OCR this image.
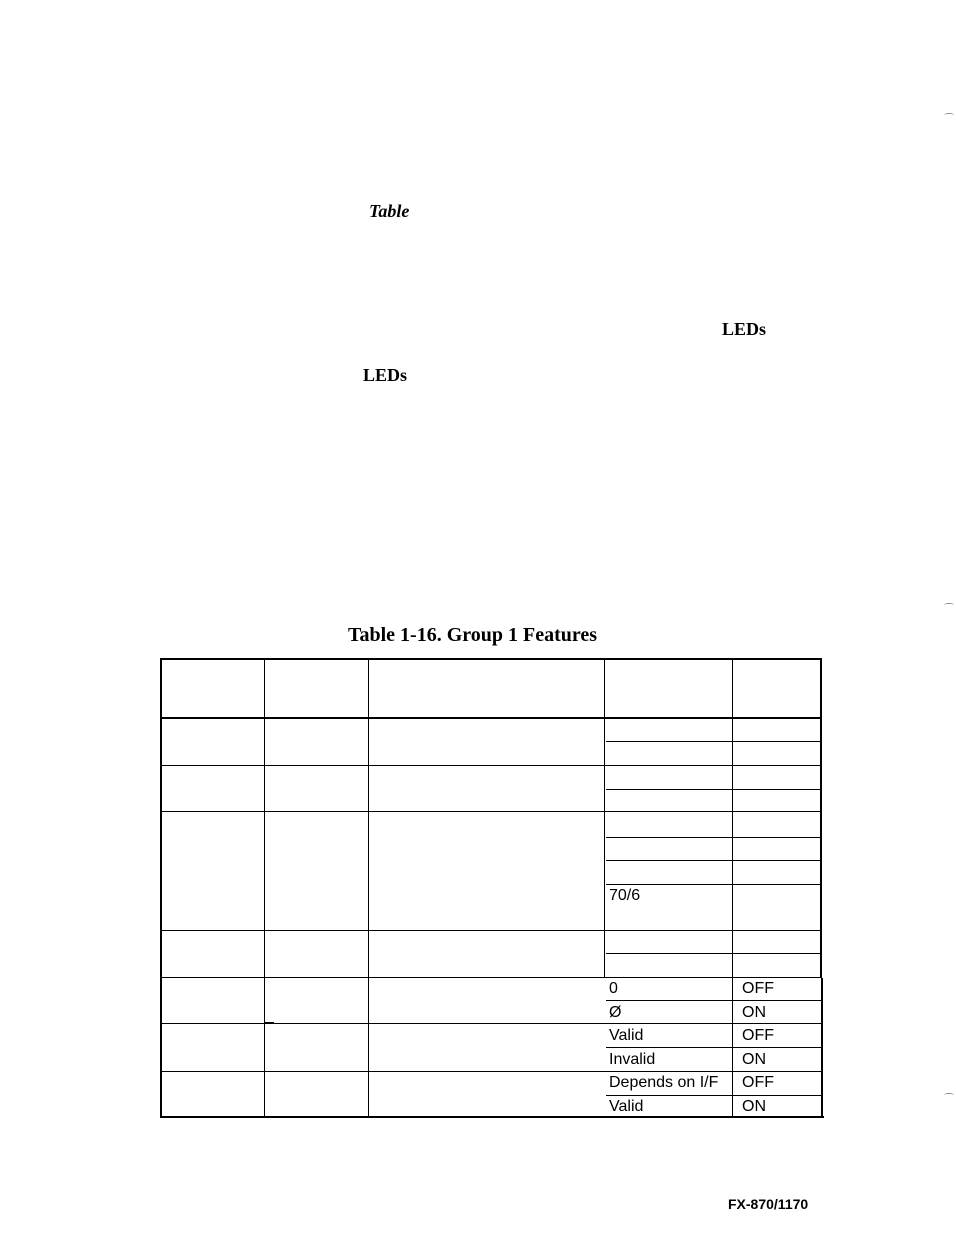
Table
LEDs
LEDs
⌒
⌒
⌒
Table 1-16. Group 1 Features
70/6
0	OFF
Ø	ON
Valid	OFF
Invalid	ON
Depends on I/F OFF
Valid	ON
FX-870/1170
